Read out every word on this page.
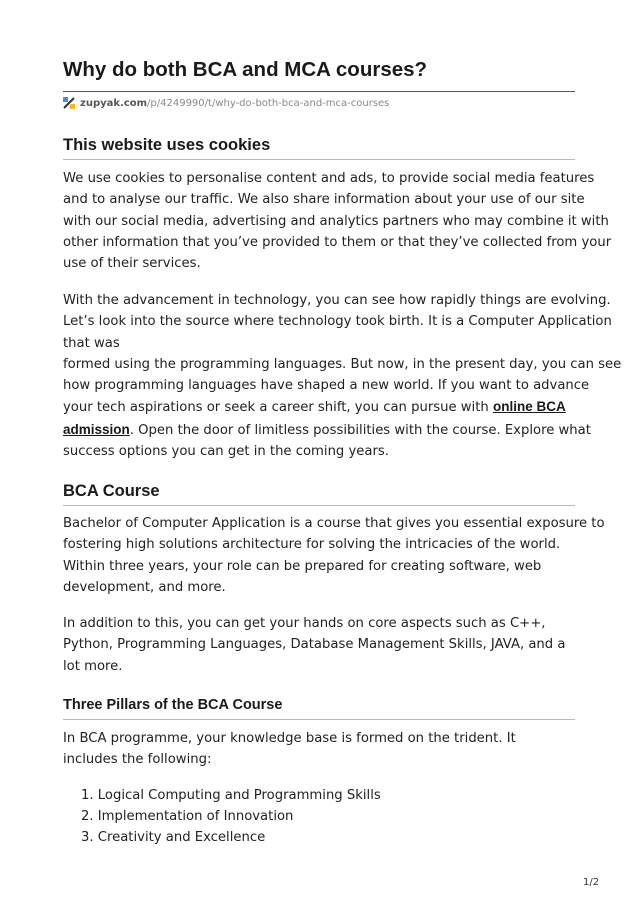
Why do both BCA and MCA courses?
zupyak.com /p/4249990/t/why-do-both-bca-and-mca-courses
This website uses cookies

We use cookies to personalise content and ads, to provide social media features
and to analyse our traffic. We also share information about your use of our site
with our social media, advertising and analytics partners who may combine it with
other information that you’ve provided to them or that they’ve collected from your
use of their services.

With the advancement in technology, you can see how rapidly things are evolving.
Let’s look into the source where technology took birth. It is a Computer Application
that was
formed using the programming languages. But now, in the present day, you can see
how programming languages have shaped a new world. If you want to advance
your tech aspirations or seek a career shift, you can pursue with online BCA
admission. Open the door of limitless possibilities with the course. Explore what
success options you can get in the coming years.

BCA Course

Bachelor of Computer Application is a course that gives you essential exposure to
fostering high solutions architecture for solving the intricacies of the world.
Within three years, your role can be prepared for creating software, web
development, and more.

In addition to this, you can get your hands on core aspects such as C++,
Python, Programming Languages, Database Management Skills, JAVA, and a
lot more.

Three Pillars of the BCA Course

In BCA programme, your knowledge base is formed on the trident. It
includes the following:

1. Logical Computing and Programming Skills
2. Implementation of Innovation
3. Creativity and Excellence
1/2
